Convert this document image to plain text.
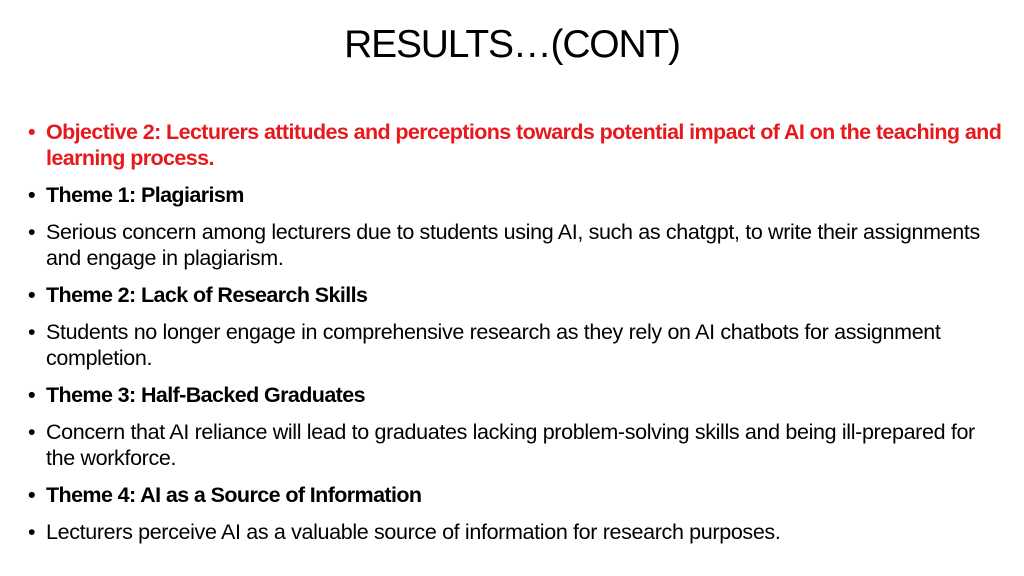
RESULTS…(CONT)
• Objective 2: Lecturers attitudes and perceptions towards potential impact of AI on the teaching and learning process.
• Theme 1: Plagiarism
• Serious concern among lecturers due to students using AI, such as chatgpt, to write their assignments and engage in plagiarism.
• Theme 2: Lack of Research Skills
• Students no longer engage in comprehensive research as they rely on AI chatbots for assignment completion.
• Theme 3: Half-Backed Graduates
• Concern that AI reliance will lead to graduates lacking problem-solving skills and being ill-prepared for the workforce.
• Theme 4: AI as a Source of Information
• Lecturers perceive AI as a valuable source of information for research purposes.
